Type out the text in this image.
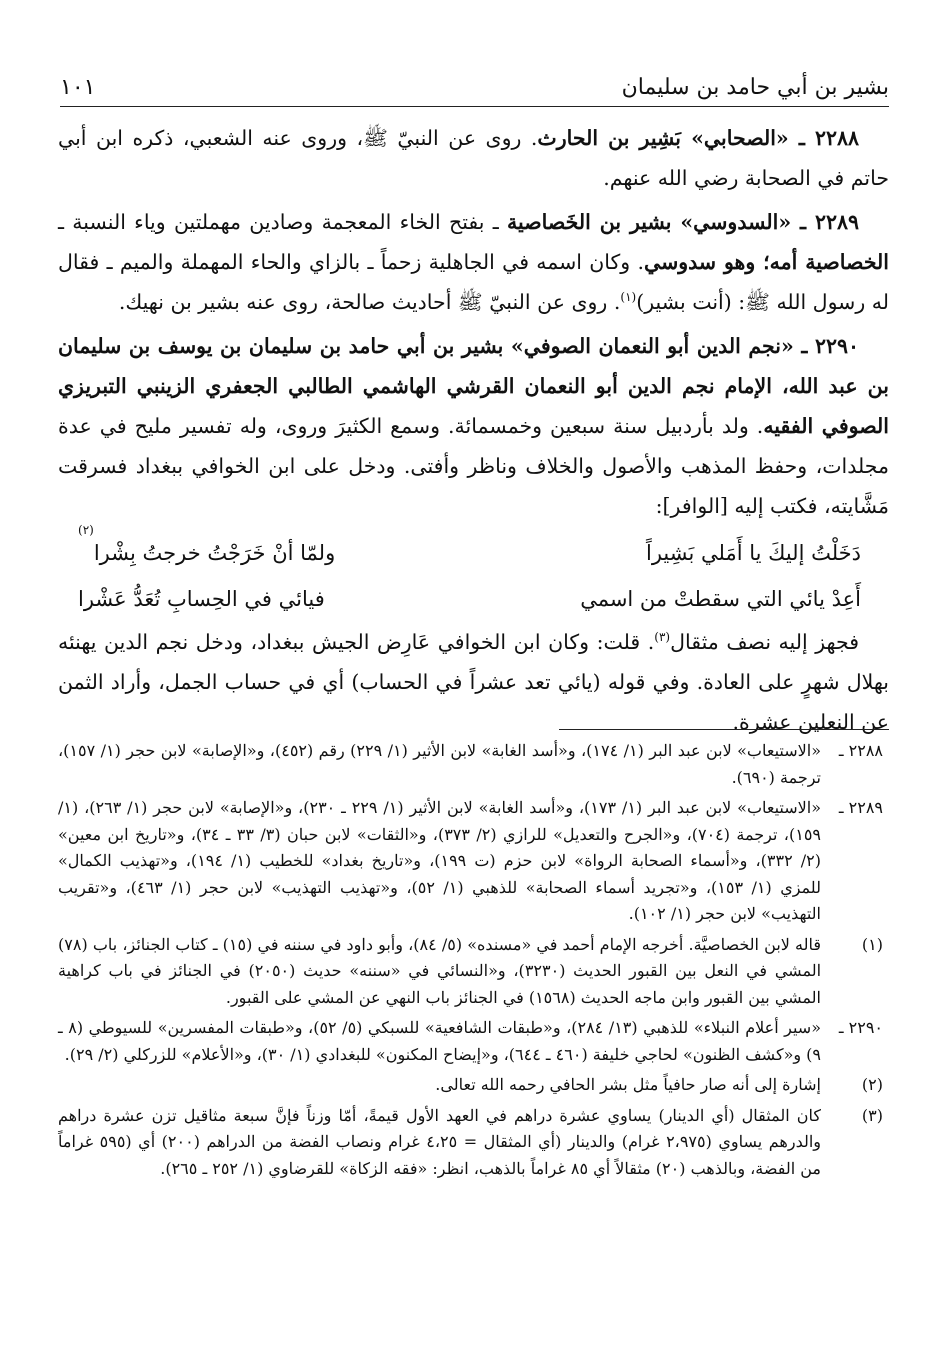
بشير بن أبي حامد بن سليمان
١٠١

٢٢٨٨ ـ «الصحابي» بَشِير بن الحارث. روى عن النبيّ ﷺ، وروى عنه الشعبي، ذكره ابن أبي حاتم في الصحابة رضي الله عنهم.

٢٢٨٩ ـ «السدوسي» بشير بن الخَصاصية ـ بفتح الخاء المعجمة وصادين مهملتين وياء النسبة ـ الخصاصية أمه؛ وهو سدوسي. وكان اسمه في الجاهلية زحماً ـ بالزاي والحاء المهملة والميم ـ فقال له رسول الله ﷺ: (أنت بشير)$^{(١)}$. روى عن النبيّ ﷺ أحاديث صالحة، روى عنه بشير بن نهيك.

٢٢٩٠ ـ «نجم الدين أبو النعمان الصوفي» بشير بن أبي حامد بن سليمان بن يوسف بن سليمان بن عبد الله، الإمام نجم الدين أبو النعمان القرشي الهاشمي الطالبي الجعفري الزينبي التبريزي الصوفي الفقيه. ولد بأردبيل سنة سبعين وخمسمائة. وسمع الكثيرَ وروى، وله تفسير مليح في عدة مجلدات، وحفظ المذهب والأصول والخلاف وناظر وأفتى. ودخل على ابن الخوافي ببغداد فسرقت مَشَّايته، فكتب إليه [الوافر]:

دَخَلْتُ إليكَ يا أَمَلي بَشِيراً
ولمّا أنْ خَرَجْتُ خرجتُ بِشْرا
(٢)
أَعِدْ يائي التي سقطتْ من اسمي
فيائي في الحِسابِ تُعَدُّ عَشْرا

فجهز إليه نصف مثقال$^{(٣)}$. قلت: وكان ابن الخوافي عَارِض الجيش ببغداد، ودخل نجم الدين يهنئه بهلال شهرٍ على العادة. وفي قوله (يائي تعد عشراً في الحساب) أي في حساب الجمل، وأراد الثمن عن النعلين عشرة.

٢٢٨٨ ـ
«الاستيعاب» لابن عبد البر (١/ ١٧٤)، و«أسد الغابة» لابن الأثير (١/ ٢٢٩) رقم (٤٥٢)، و«الإصابة» لابن حجر (١/ ١٥٧)، ترجمة (٦٩٠).
٢٢٨٩ ـ
«الاستيعاب» لابن عبد البر (١/ ١٧٣)، و«أسد الغابة» لابن الأثير (١/ ٢٢٩ ـ ٢٣٠)، و«الإصابة» لابن حجر (١/ ٢٦٣)، (١/ ١٥٩)، ترجمة (٧٠٤)، و«الجرح والتعديل» للرازي (٢/ ٣٧٣)، و«الثقات» لابن حبان (٣/ ٣٣ ـ ٣٤)، و«تاريخ ابن معين» (٢/ ٣٣٢)، و«أسماء الصحابة الرواة» لابن حزم (ت ١٩٩)، و«تاريخ بغداد» للخطيب (١/ ١٩٤)، و«تهذيب الكمال» للمزي (١/ ١٥٣)، و«تجريد أسماء الصحابة» للذهبي (١/ ٥٢)، و«تهذيب التهذيب» لابن حجر (١/ ٤٦٣)، و«تقريب التهذيب» لابن حجر (١/ ١٠٢).
(١)
قاله لابن الخصاصيَّة. أخرجه الإمام أحمد في «مسنده» (٥/ ٨٤)، وأبو داود في سننه في (١٥) ـ كتاب الجنائز، باب (٧٨) المشي في النعل بين القبور الحديث (٣٢٣٠)، و«النسائي في «سننه» حديث (٢٠٥٠) في الجنائز في باب كراهية المشي بين القبور وابن ماجه الحديث (١٥٦٨) في الجنائز باب النهي عن المشي على القبور.
٢٢٩٠ ـ
«سير أعلام النبلاء» للذهبي (١٣/ ٢٨٤)، و«طبقات الشافعية» للسبكي (٥/ ٥٢)، و«طبقات المفسرين» للسيوطي (٨ ـ ٩) و«كشف الظنون» لحاجي خليفة (٤٦٠ ـ ٦٤٤)، و«إيضاح المكنون» للبغدادي (١/ ٣٠)، و«الأعلام» للزركلي (٢/ ٢٩).
(٢)
إشارة إلى أنه صار حافياً مثل بشر الحافي رحمه الله تعالى.
(٣)
كان المثقال (أي الدينار) يساوي عشرة دراهم في العهد الأول قيمةً، أمّا وزناً فإنَّ سبعة مثاقيل تزن عشرة دراهم والدرهم يساوي (٢،٩٧٥ غرام) والدينار (أي المثقال = ٤،٢٥ غرام ونصاب الفضة من الدراهم (٢٠٠) أي (٥٩٥ غراماً من الفضة، وبالذهب (٢٠) مثقالاً أي ٨٥ غراماً بالذهب، انظر: «فقه الزكاة» للقرضاوي (١/ ٢٥٢ ـ ٢٦٥).
